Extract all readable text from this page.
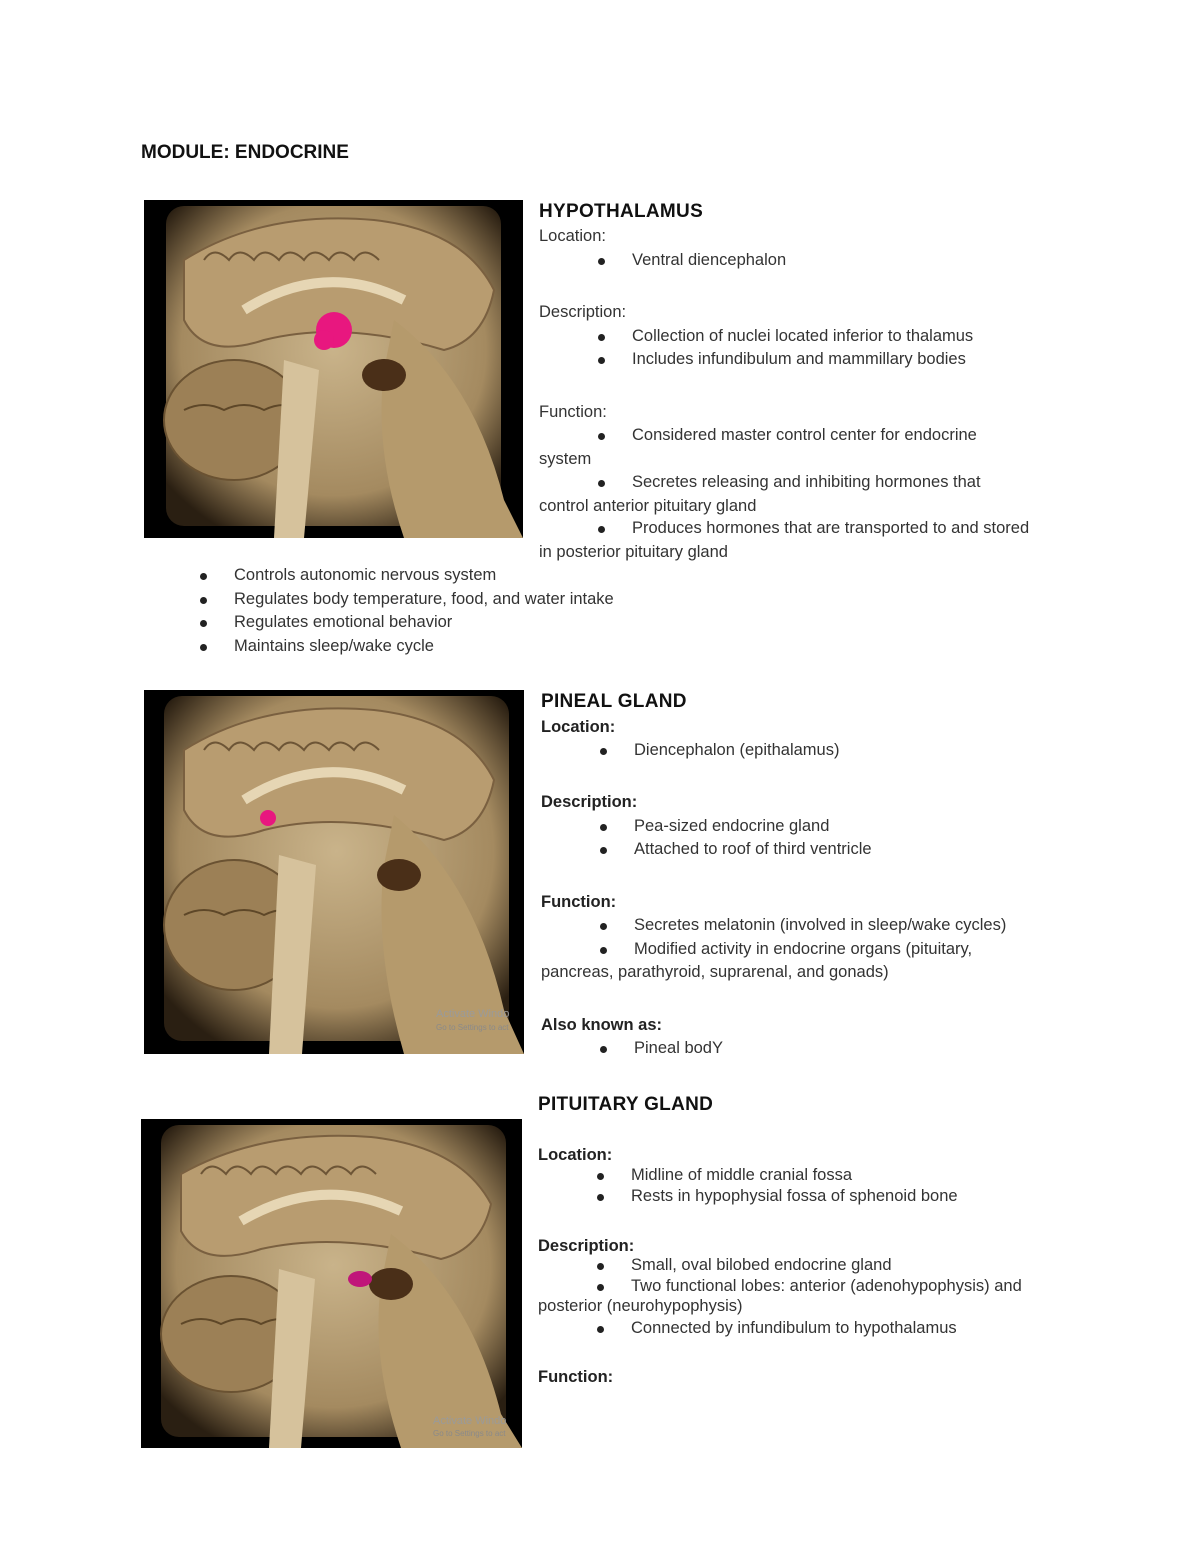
MODULE: ENDOCRINE
HYPOTHALAMUS
Location:
Ventral diencephalon
Description:
Collection of nuclei located inferior to thalamus
Includes infundibulum and mammillary bodies
Function:
Considered master control center for endocrine
system
Secretes releasing and inhibiting hormones that
control anterior pituitary gland
Produces hormones that are transported to and stored
in posterior pituitary gland
Controls autonomic nervous system
Regulates body temperature, food, and water intake
Regulates emotional behavior
Maintains sleep/wake cycle
Activate Windo
Go to Settings to act
PINEAL GLAND
Location:
Diencephalon (epithalamus)
Description:
Pea-sized endocrine gland
Attached to roof of third ventricle
Function:
Secretes melatonin (involved in sleep/wake cycles)
Modified activity in endocrine organs (pituitary,
pancreas, parathyroid, suprarenal, and gonads)
Also known as:
Pineal bodY
Activate Windo
Go to Settings to act
PITUITARY GLAND
Location:
Midline of middle cranial fossa
Rests in hypophysial fossa of sphenoid bone
Description:
Small, oval bilobed endocrine gland
Two functional lobes: anterior (adenohypophysis) and
posterior (neurohypophysis)
Connected by infundibulum to hypothalamus
Function:
